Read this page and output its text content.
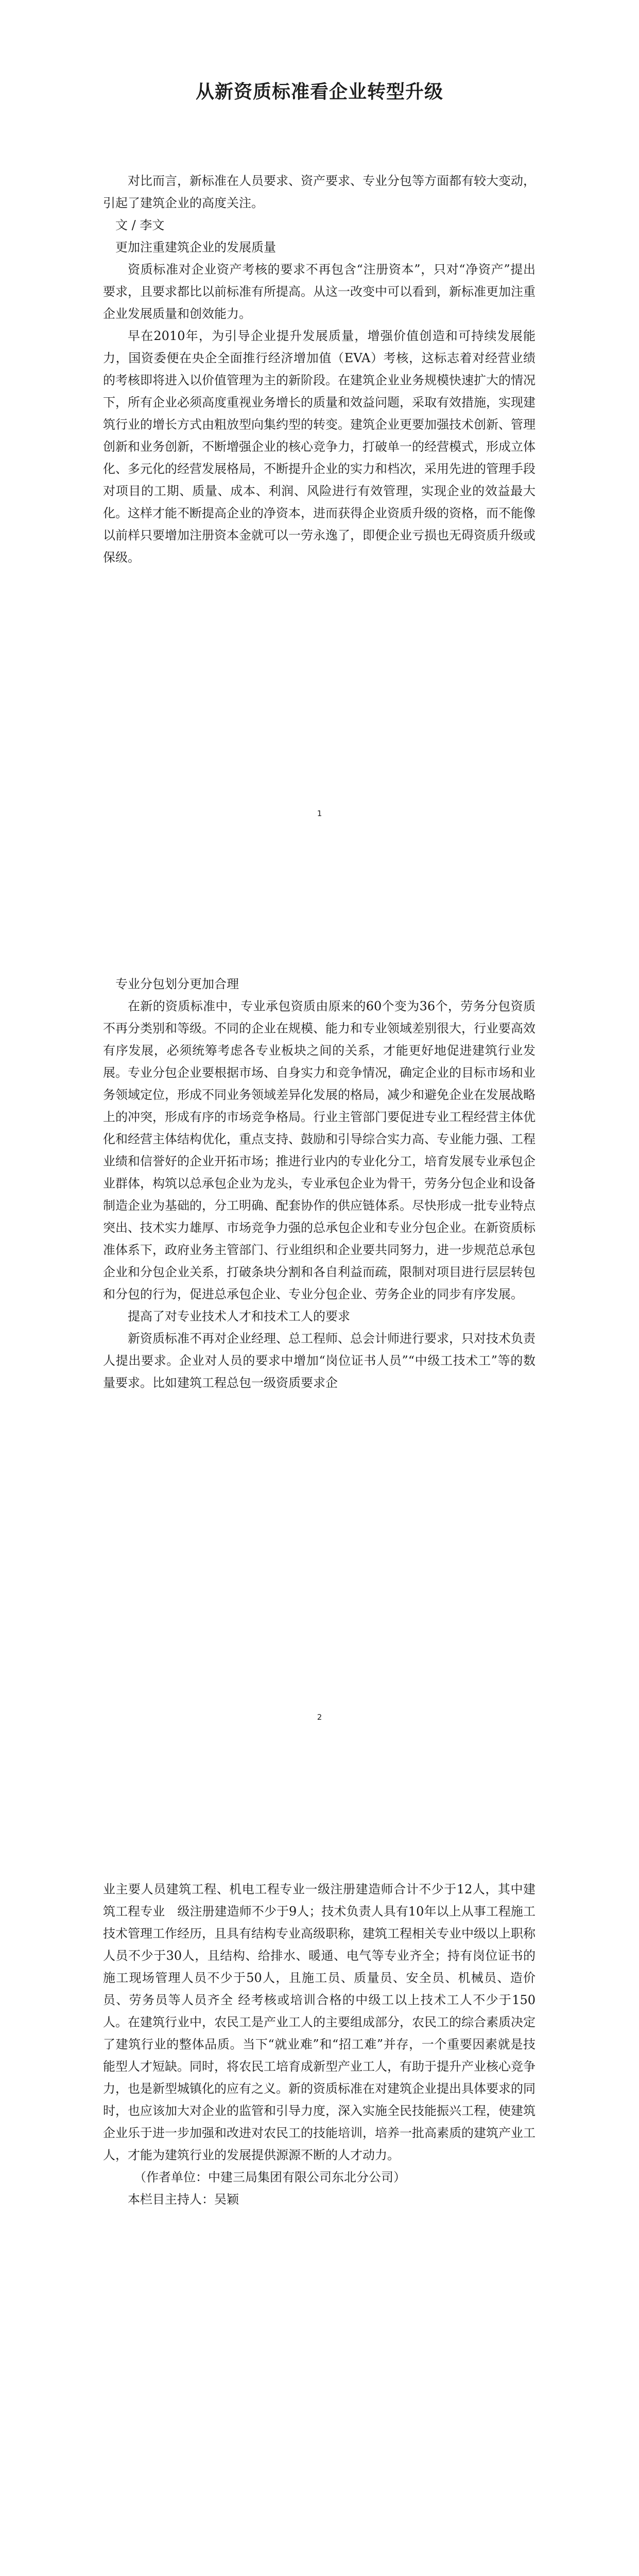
从新资质标准看企业转型升级

对比而言，新标准在人员要求、资产要求、专业分包等方面都有较大变动，引起了建筑企业的高度关注。

文 / 李文

更加注重建筑企业的发展质量

资质标准对企业资产考核的要求不再包含“注册资本”，只对“净资产”提出要求，且要求都比以前标准有所提高。从这一改变中可以看到，新标准更加注重企业发展质量和创效能力。

早在2010年，为引导企业提升发展质量，增强价值创造和可持续发展能力，国资委便在央企全面推行经济增加值（EVA）考核，这标志着对经营业绩的考核即将进入以价值管理为主的新阶段。在建筑企业业务规模快速扩大的情况下，所有企业必须高度重视业务增长的质量和效益问题，采取有效措施，实现建筑行业的增长方式由粗放型向集约型的转变。建筑企业更要加强技术创新、管理创新和业务创新，不断增强企业的核心竞争力，打破单一的经营模式，形成立体化、多元化的经营发展格局，不断提升企业的实力和档次，采用先进的管理手段对项目的工期、质量、成本、利润、风险进行有效管理，实现企业的效益最大化。这样才能不断提高企业的净资本，进而获得企业资质升级的资格，而不能像以前样只要增加注册资本金就可以一劳永逸了，即便企业亏损也无碍资质升级或保级。

1

专业分包划分更加合理

在新的资质标准中，专业承包资质由原来的60个变为36个，劳务分包资质不再分类别和等级。不同的企业在规模、能力和专业领域差别很大，行业要高效有序发展，必须统筹考虑各专业板块之间的关系，才能更好地促进建筑行业发展。专业分包企业要根据市场、自身实力和竞争情况，确定企业的目标市场和业务领域定位，形成不同业务领域差异化发展的格局，减少和避免企业在发展战略上的冲突，形成有序的市场竞争格局。行业主管部门要促进专业工程经营主体优化和经营主体结构优化，重点支持、鼓励和引导综合实力高、专业能力强、工程业绩和信誉好的企业开拓市场；推进行业内的专业化分工，培育发展专业承包企业群体，构筑以总承包企业为龙头，专业承包企业为骨干，劳务分包企业和设备制造企业为基础的，分工明确、配套协作的供应链体系。尽快形成一批专业特点突出、技术实力雄厚、市场竞争力强的总承包企业和专业分包企业。在新资质标准体系下，政府业务主管部门、行业组织和企业要共同努力，进一步规范总承包企业和分包企业关系，打破条块分割和各自利益而疏，限制对项目进行层层转包和分包的行为，促进总承包企业、专业分包企业、劳务企业的同步有序发展。

提高了对专业技术人才和技术工人的要求

新资质标准不再对企业经理、总工程师、总会计师进行要求，只对技术负责人提出要求。企业对人员的要求中增加“岗位证书人员”“中级工技术工”等的数量要求。比如建筑工程总包一级资质要求企

2

业主要人员建筑工程、机电工程专业一级注册建造师合计不少于12人，其中建筑工程专业　级注册建造师不少于9人；技术负责人具有10年以上从事工程施工技术管理工作经历，且具有结构专业高级职称，建筑工程相关专业中级以上职称人员不少于30人，且结构、给排水、暖通、电气等专业齐全；持有岗位证书的施工现场管理人员不少于50人，且施工员、质量员、安全员、机械员、造价员、劳务员等人员齐全 经考核或培训合格的中级工以上技术工人不少于150人。在建筑行业中，农民工是产业工人的主要组成部分，农民工的综合素质决定了建筑行业的整体品质。当下“就业难”和“招工难”并存，一个重要因素就是技能型人才短缺。同时，将农民工培育成新型产业工人，有助于提升产业核心竞争力，也是新型城镇化的应有之义。新的资质标准在对建筑企业提出具体要求的同时，也应该加大对企业的监管和引导力度，深入实施全民技能振兴工程，使建筑企业乐于进一步加强和改进对农民工的技能培训，培养一批高素质的建筑产业工人，才能为建筑行业的发展提供源源不断的人才动力。

（作者单位：中建三局集团有限公司东北分公司）

本栏目主持人：吴颖
